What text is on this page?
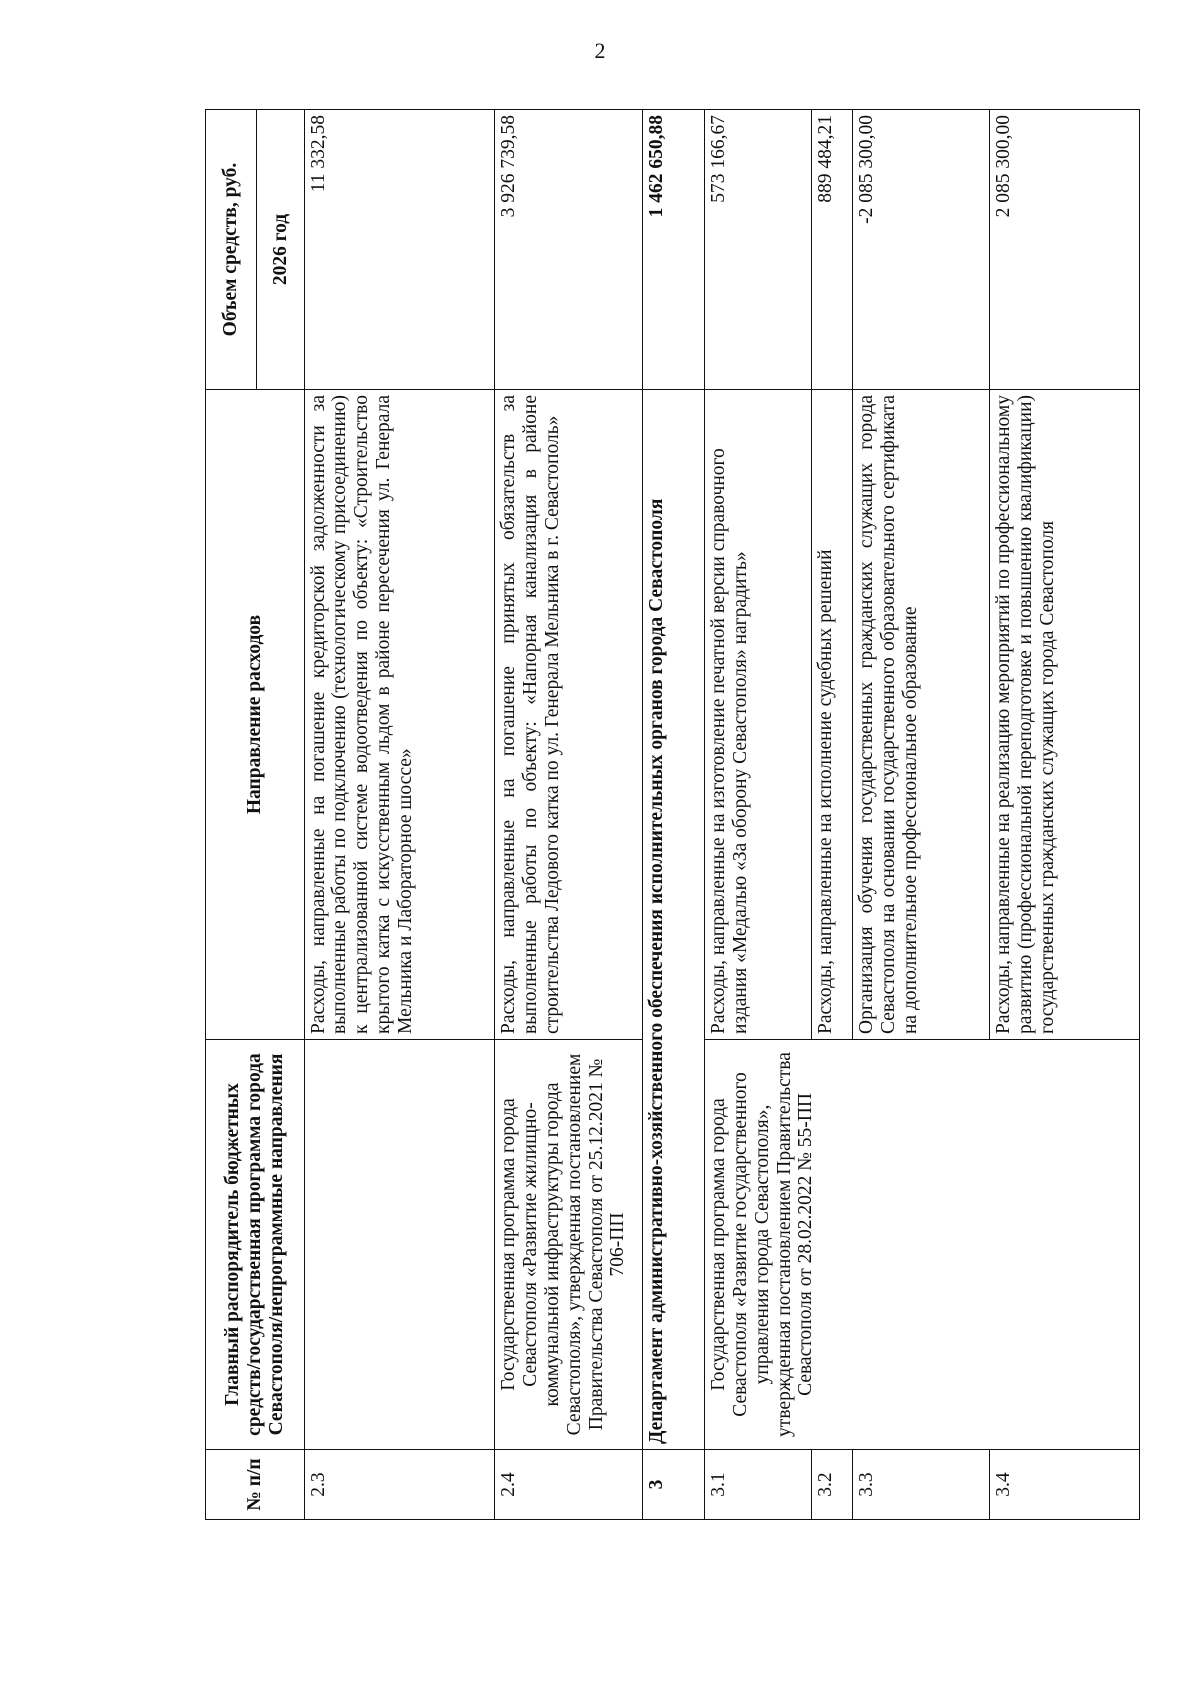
2
№ п/п	Главный распорядитель бюджетных средств/государственная программа города Севастополя/непрограммные направления	Направление расходов	Объем средств, руб.
			2026 год
2.3		Расходы, направленные на погашение кредиторской задолженности за выполненные работы по подключению (технологическому присоединению) к централизованной системе водоотведения по объекту: «Строительство крытого катка с искусственным льдом в районе пересечения ул. Генерала Мельника и Лабораторное шоссе»	11 332,58
2.4	Государственная программа города Севастополя «Развитие жилищно-коммунальной инфраструктуры города Севастополя», утвержденная постановлением Правительства Севастополя от 25.12.2021 № 706-ПП	Расходы, направленные на погашение принятых обязательств за выполненные работы по объекту: «Напорная канализация в районе строительства Ледового катка по ул. Генерала Мельника в г. Севастополь»	3 926 739,58
3	Департамент административно-хозяйственного обеспечения исполнительных органов города Севастополя		1 462 650,88
3.1	Государственная программа города Севастополя «Развитие государственного управления города Севастополя», утвержденная постановлением Правительства Севастополя от 28.02.2022 № 55-ПП	Расходы, направленные на изготовление печатной версии справочного издания «Медалью «За оборону Севастополя» наградить»	573 166,67
3.2		Расходы, направленные на исполнение судебных решений	889 484,21
3.3		Организация обучения государственных гражданских служащих города Севастополя на основании государственного образовательного сертификата на дополнительное профессиональное образование	-2 085 300,00
3.4		Расходы, направленные на реализацию мероприятий по профессиональному развитию (профессиональной переподготовке и повышению квалификации) государственных гражданских служащих города Севастополя	2 085 300,00
